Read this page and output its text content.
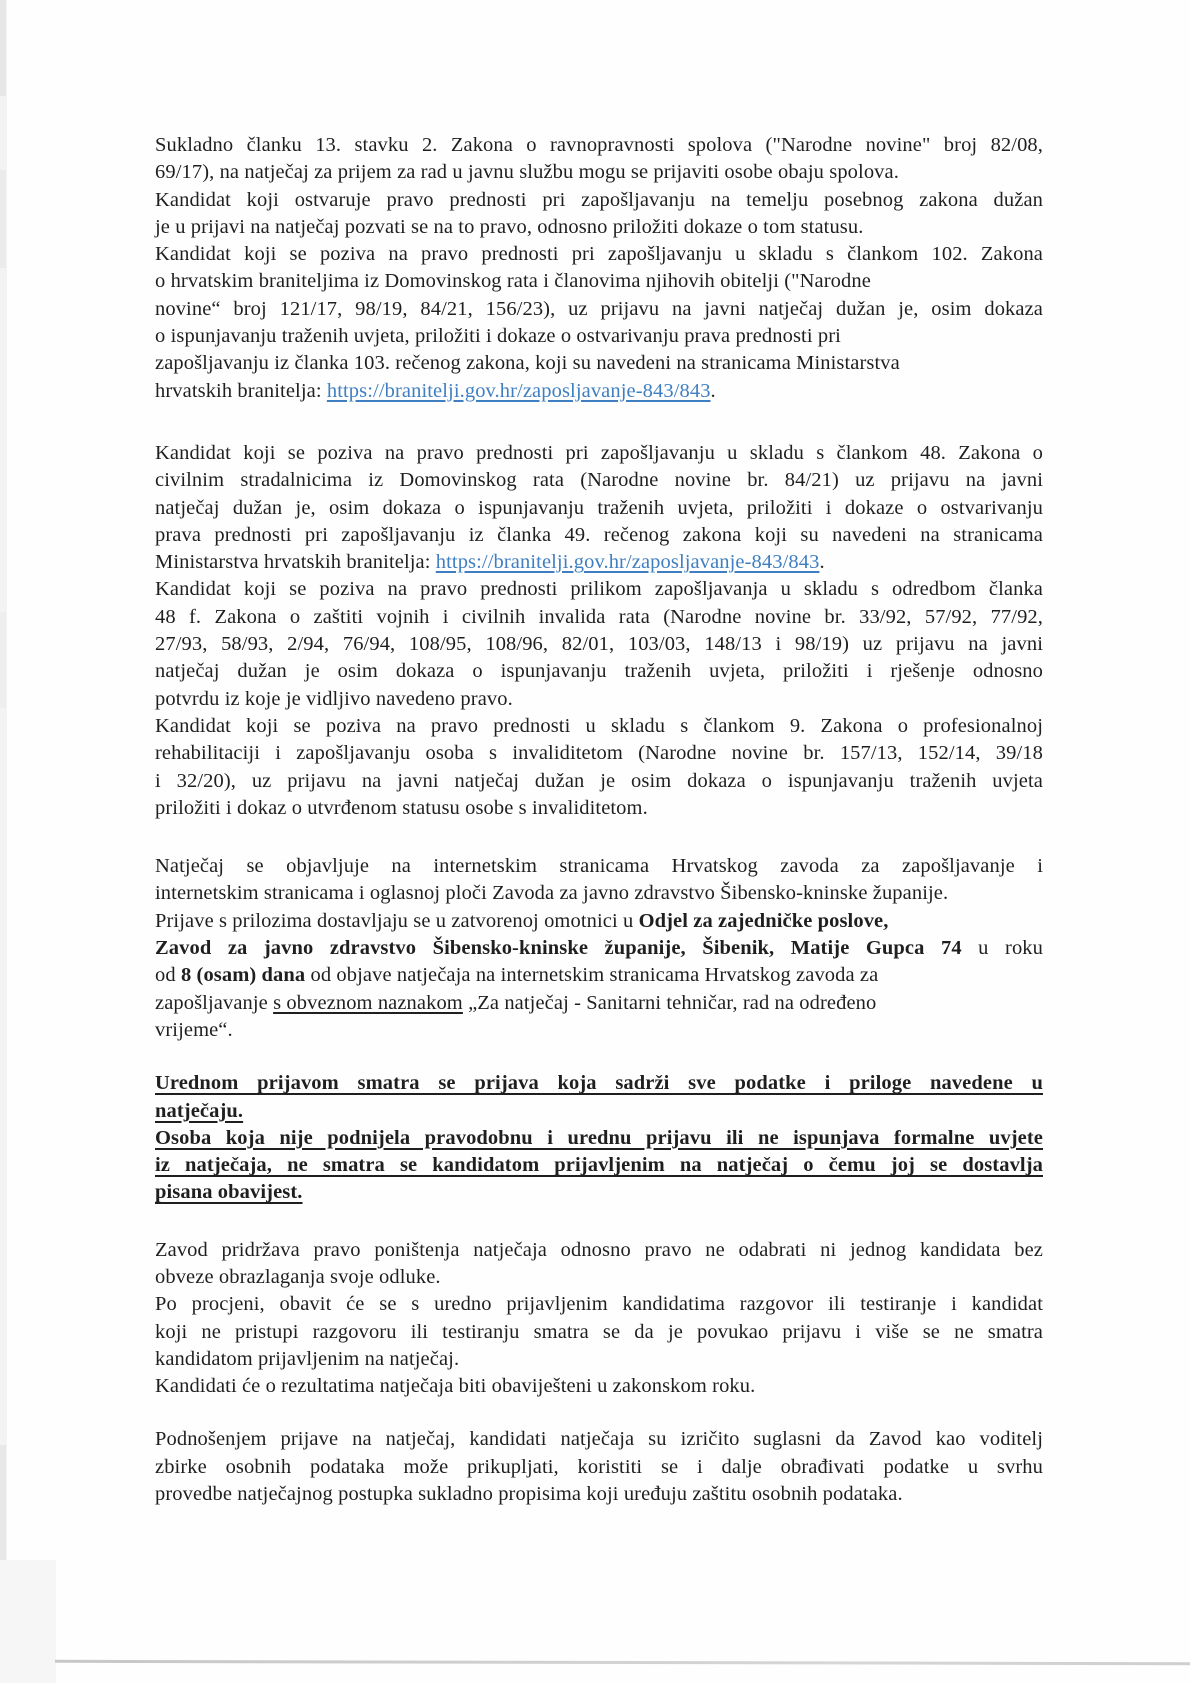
Sukladno članku 13. stavku 2. Zakona o ravnopravnosti spolova ("Narodne novine" broj 82/08,
69/17), na natječaj za prijem za rad u javnu službu mogu se prijaviti osobe obaju spolova.
Kandidat koji ostvaruje pravo prednosti pri zapošljavanju na temelju posebnog zakona dužan
je u prijavi na natječaj pozvati se na to pravo, odnosno priložiti dokaze o tom statusu.
Kandidat koji se poziva na pravo prednosti pri zapošljavanju u skladu s člankom 102. Zakona
o hrvatskim braniteljima iz Domovinskog rata i članovima njihovih obitelji ("Narodne
novine“ broj 121/17, 98/19, 84/21, 156/23), uz prijavu na javni natječaj dužan je, osim dokaza
o ispunjavanju traženih uvjeta, priložiti i dokaze o ostvarivanju prava prednosti pri
zapošljavanju iz članka 103. rečenog zakona, koji su navedeni na stranicama Ministarstva
hrvatskih branitelja: https://branitelji.gov.hr/zaposljavanje-843/843.
Kandidat koji se poziva na pravo prednosti pri zapošljavanju u skladu s člankom 48. Zakona o
civilnim stradalnicima iz Domovinskog rata (Narodne novine br. 84/21) uz prijavu na javni
natječaj dužan je, osim dokaza o ispunjavanju traženih uvjeta, priložiti i dokaze o ostvarivanju
prava prednosti pri zapošljavanju iz članka 49. rečenog zakona koji su navedeni na stranicama
Ministarstva hrvatskih branitelja: https://branitelji.gov.hr/zaposljavanje-843/843.
Kandidat koji se poziva na pravo prednosti prilikom zapošljavanja u skladu s odredbom članka
48 f. Zakona o zaštiti vojnih i civilnih invalida rata (Narodne novine br. 33/92, 57/92, 77/92,
27/93, 58/93, 2/94, 76/94, 108/95, 108/96, 82/01, 103/03, 148/13 i 98/19) uz prijavu na javni
natječaj dužan je osim dokaza o ispunjavanju traženih uvjeta, priložiti i rješenje odnosno
potvrdu iz koje je vidljivo navedeno pravo.
Kandidat koji se poziva na pravo prednosti u skladu s člankom 9. Zakona o profesionalnoj
rehabilitaciji i zapošljavanju osoba s invaliditetom (Narodne novine br. 157/13, 152/14, 39/18
i 32/20), uz prijavu na javni natječaj dužan je osim dokaza o ispunjavanju traženih uvjeta
priložiti i dokaz o utvrđenom statusu osobe s invaliditetom.
Natječaj se objavljuje na internetskim stranicama Hrvatskog zavoda za zapošljavanje i
internetskim stranicama i oglasnoj ploči Zavoda za javno zdravstvo Šibensko-kninske županije.
Prijave s prilozima dostavljaju se u zatvorenoj omotnici u Odjel za zajedničke poslove,
Zavod za javno zdravstvo Šibensko-kninske županije, Šibenik, Matije Gupca 74 u roku
od 8 (osam) dana od objave natječaja na internetskim stranicama Hrvatskog zavoda za
zapošljavanje s obveznom naznakom „Za natječaj - Sanitarni tehničar, rad na određeno
vrijeme“.
Urednom prijavom smatra se prijava koja sadrži sve podatke i priloge navedene u
natječaju.
Osoba koja nije podnijela pravodobnu i urednu prijavu ili ne ispunjava formalne uvjete
iz natječaja, ne smatra se kandidatom prijavljenim na natječaj o čemu joj se dostavlja
pisana obavijest.
Zavod pridržava pravo poništenja natječaja odnosno pravo ne odabrati ni jednog kandidata bez
obveze obrazlaganja svoje odluke.
Po procjeni, obavit će se s uredno prijavljenim kandidatima razgovor ili testiranje i kandidat
koji ne pristupi razgovoru ili testiranju smatra se da je povukao prijavu i više se ne smatra
kandidatom prijavljenim na natječaj.
Kandidati će o rezultatima natječaja biti obaviješteni u zakonskom roku.
Podnošenjem prijave na natječaj, kandidati natječaja su izričito suglasni da Zavod kao voditelj
zbirke osobnih podataka može prikupljati, koristiti se i dalje obrađivati podatke u svrhu
provedbe natječajnog postupka sukladno propisima koji uređuju zaštitu osobnih podataka.
